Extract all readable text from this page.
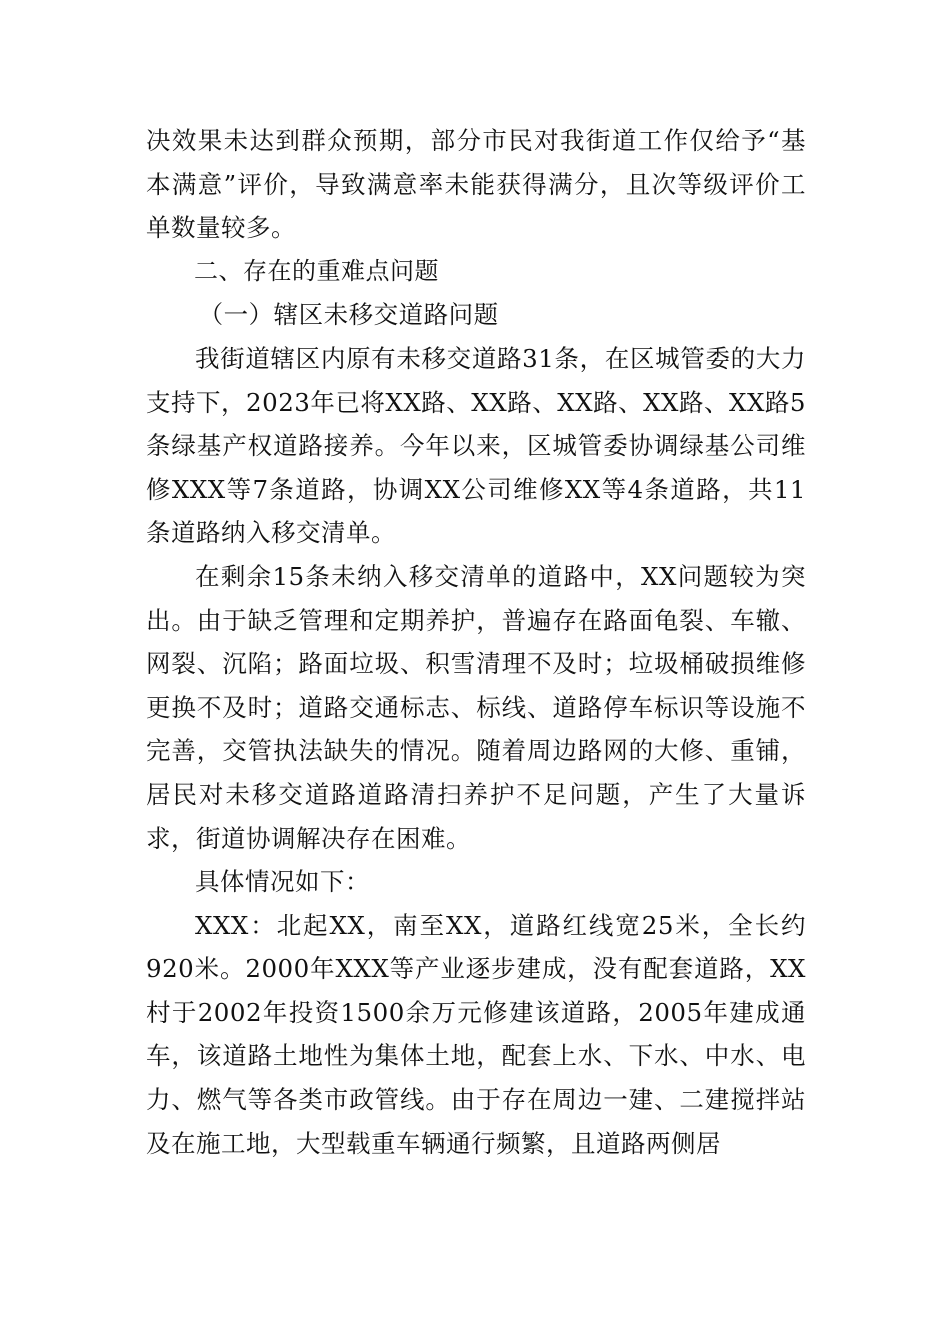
决效果未达到群众预期，部分市民对我街道工作仅给予“基本满意”评价，导致满意率未能获得满分，且次等级评价工单数量较多。

二、存在的重难点问题

（一）辖区未移交道路问题

我街道辖区内原有未移交道路31条，在区城管委的大力支持下，2023年已将XX路、XX路、XX路、XX路、XX路5条绿基产权道路接养。今年以来，区城管委协调绿基公司维修XXX等7条道路，协调XX公司维修XX等4条道路，共11条道路纳入移交清单。

在剩余15条未纳入移交清单的道路中，XX问题较为突出。由于缺乏管理和定期养护，普遍存在路面龟裂、车辙、网裂、沉陷；路面垃圾、积雪清理不及时；垃圾桶破损维修更换不及时；道路交通标志、标线、道路停车标识等设施不完善，交管执法缺失的情况。随着周边路网的大修、重铺，居民对未移交道路道路清扫养护不足问题，产生了大量诉求，街道协调解决存在困难。

具体情况如下：

XXX：北起XX，南至XX，道路红线宽25米，全长约920米。2000年XXX等产业逐步建成，没有配套道路，XX村于2002年投资1500余万元修建该道路，2005年建成通车，该道路土地性为集体土地，配套上水、下水、中水、电力、燃气等各类市政管线。由于存在周边一建、二建搅拌站及在施工地，大型载重车辆通行频繁，且道路两侧居
